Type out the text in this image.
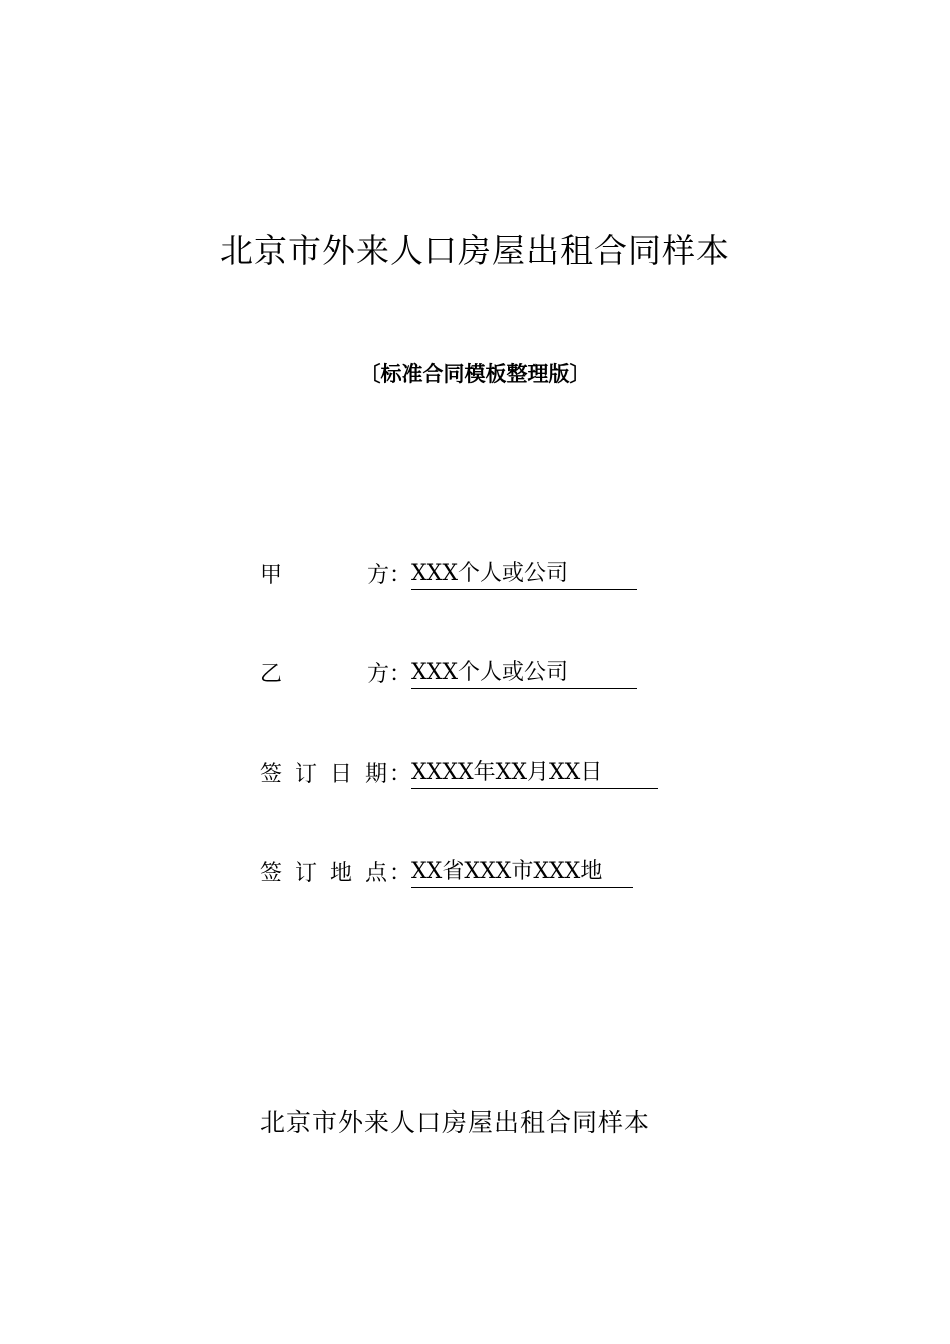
北京市外来人口房屋出租合同样本
〔标准合同模板整理版〕
甲　　方：XXX个人或公司
乙　　方：XXX个人或公司
签订日期：XXXX年XX月XX日
签订地点：XX省XXX市XXX地
北京市外来人口房屋出租合同样本
